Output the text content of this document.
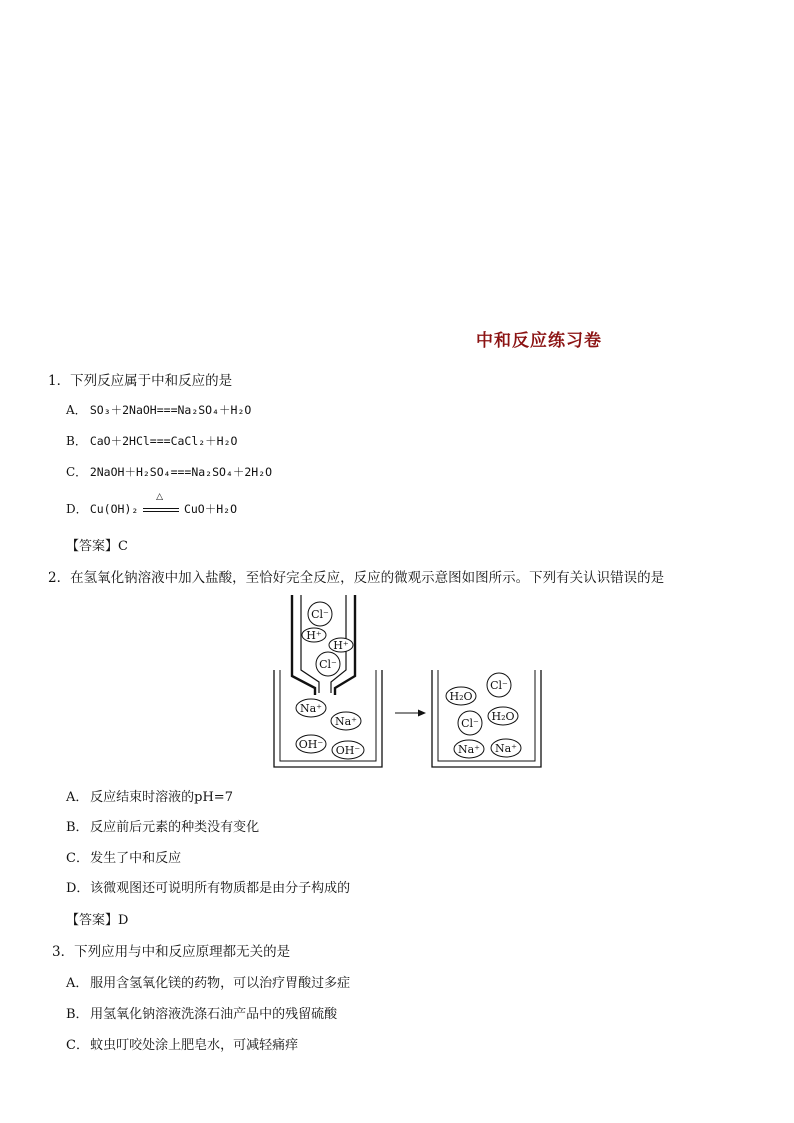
中和反应练习卷
1．下列反应属于中和反应的是
A． SO₃＋2NaOH===Na₂SO₄＋H₂O
B． CaO＋2HCl===CaCl₂＋H₂O
C． 2NaOH＋H₂SO₄===Na₂SO₄＋2H₂O
D． Cu(OH)₂
△
CuO＋H₂O
【答案】C
2．在氢氧化钠溶液中加入盐酸，至恰好完全反应，反应的微观示意图如图所示。下列有关认识错误的是
Cl⁻
H⁺
H⁺
Cl⁻
Na⁺
Na⁺
OH⁻ OH⁻
H₂O
Cl⁻
Cl⁻
H₂O
Na⁺ Na⁺
A． 反应结束时溶液的pH=7
B． 反应前后元素的种类没有变化
C． 发生了中和反应
D． 该微观图还可说明所有物质都是由分子构成的
【答案】D
3．下列应用与中和反应原理都无关的是
A． 服用含氢氧化镁的药物，可以治疗胃酸过多症
B． 用氢氧化钠溶液洗涤石油产品中的残留硫酸
C． 蚊虫叮咬处涂上肥皂水，可减轻痛痒
